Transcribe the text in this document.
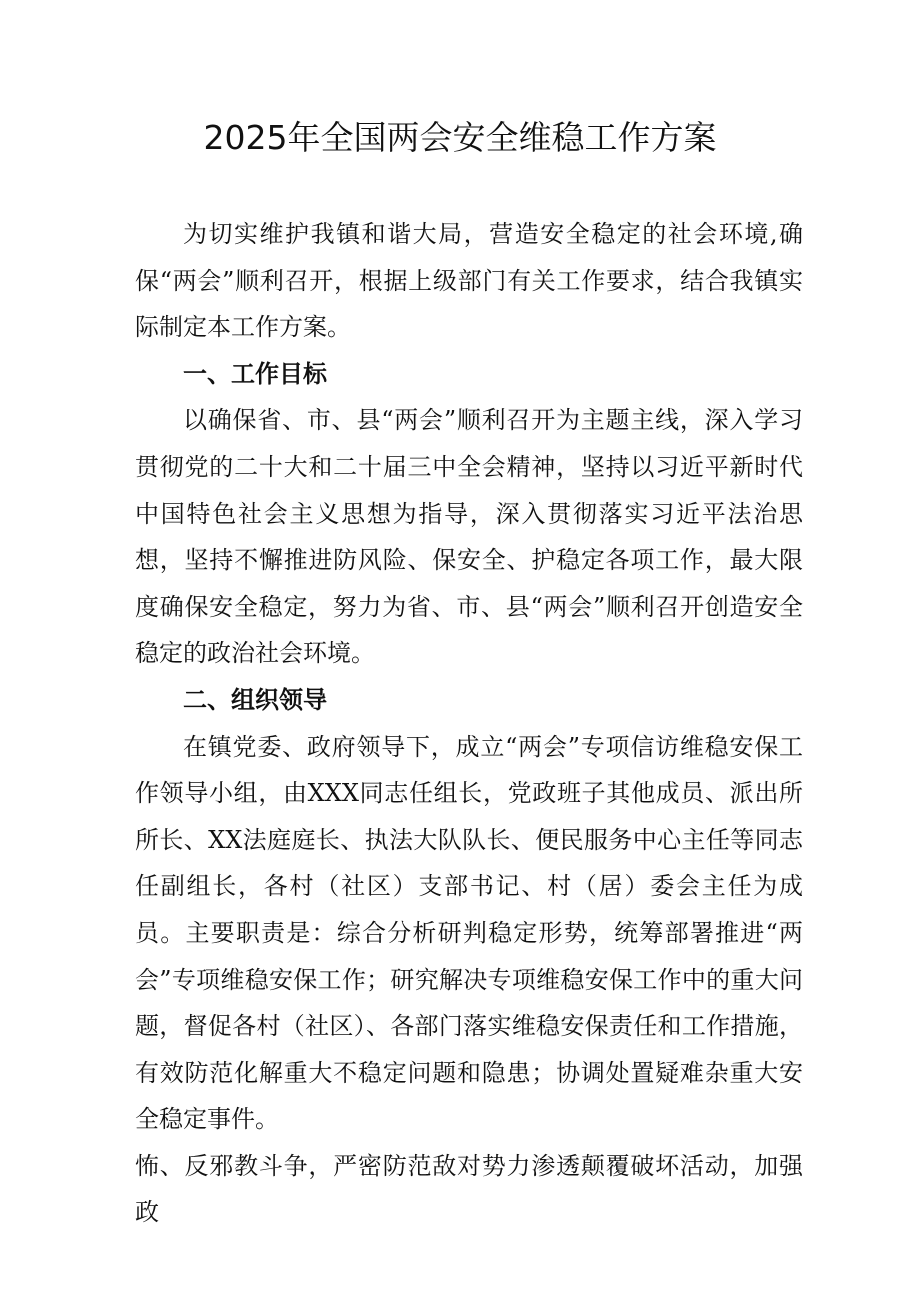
2025年全国两会安全维稳工作方案

为切实维护我镇和谐大局，营造安全稳定的社会环境,确保“两会”顺利召开，根据上级部门有关工作要求，结合我镇实际制定本工作方案。

一、工作目标

以确保省、市、县“两会”顺利召开为主题主线，深入学习贯彻党的二十大和二十届三中全会精神，坚持以习近平新时代中国特色社会主义思想为指导，深入贯彻落实习近平法治思想，坚持不懈推进防风险、保安全、护稳定各项工作，最大限度确保安全稳定，努力为省、市、县“两会”顺利召开创造安全稳定的政治社会环境。

二、组织领导

在镇党委、政府领导下，成立“两会”专项信访维稳安保工作领导小组，由XXX同志任组长，党政班子其他成员、派出所所长、XX法庭庭长、执法大队队长、便民服务中心主任等同志任副组长，各村（社区）支部书记、村（居）委会主任为成员。主要职责是：综合分析研判稳定形势，统筹部署推进“两会”专项维稳安保工作；研究解决专项维稳安保工作中的重大问题，督促各村（社区）、各部门落实维稳安保责任和工作措施，有效防范化解重大不稳定问题和隐患；协调处置疑难杂重大安全稳定事件。

怖、反邪教斗争，严密防范敌对势力渗透颠覆破坏活动，加强政
